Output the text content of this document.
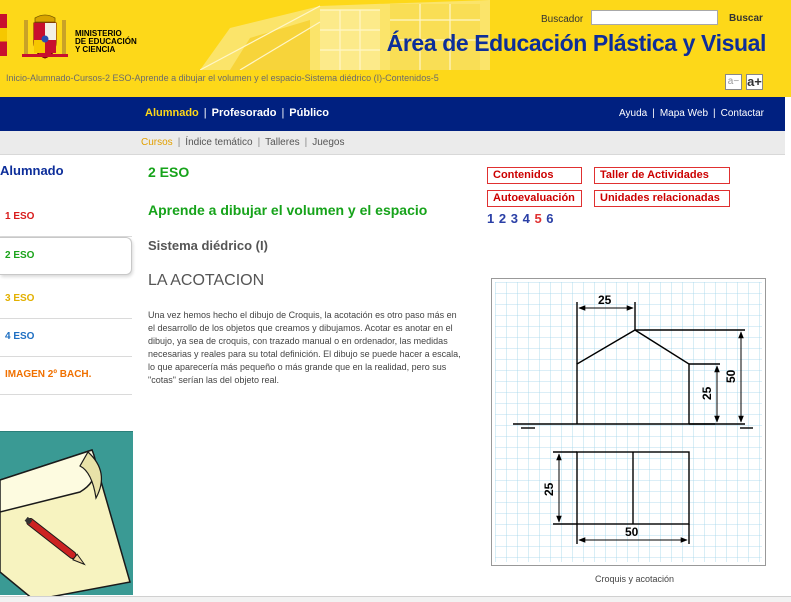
MINISTERIO
DE EDUCACIÓN
Y CIENCIA
Buscador	Buscar
Área de Educación Plástica y Visual
Inicio-Alumnado-Cursos-2 ESO-Aprende a dibujar el volumen y el espacio-Sistema diédrico (I)-Contenidos-5	a− a+
Alumnado | Profesorado | Público	Ayuda | Mapa Web | Contactar
Cursos | Índice temático | Talleres | Juegos
Alumnado
1 ESO
2 ESO
3 ESO
4 ESO
IMAGEN 2º BACH.
2 ESO
Aprende a dibujar el volumen y el espacio
Sistema diédrico (I)
LA ACOTACION

Una vez hemos hecho el dibujo de Croquis, la acotación es otro paso más en el desarrollo de los objetos que creamos y dibujamos. Acotar es anotar en el dibujo, ya sea de croquis, con trazado manual o en ordenador, las medidas necesarias y reales para su total definición. El dibujo se puede hacer a escala, lo que aparecería más pequeño o más grande que en la realidad, pero sus "cotas" serían las del objeto real.

Contenidos	Taller de Actividades
Autoevaluación	Unidades relacionadas
1 2 3 4 5 6
25
50
25
25
50
Croquis y acotación
